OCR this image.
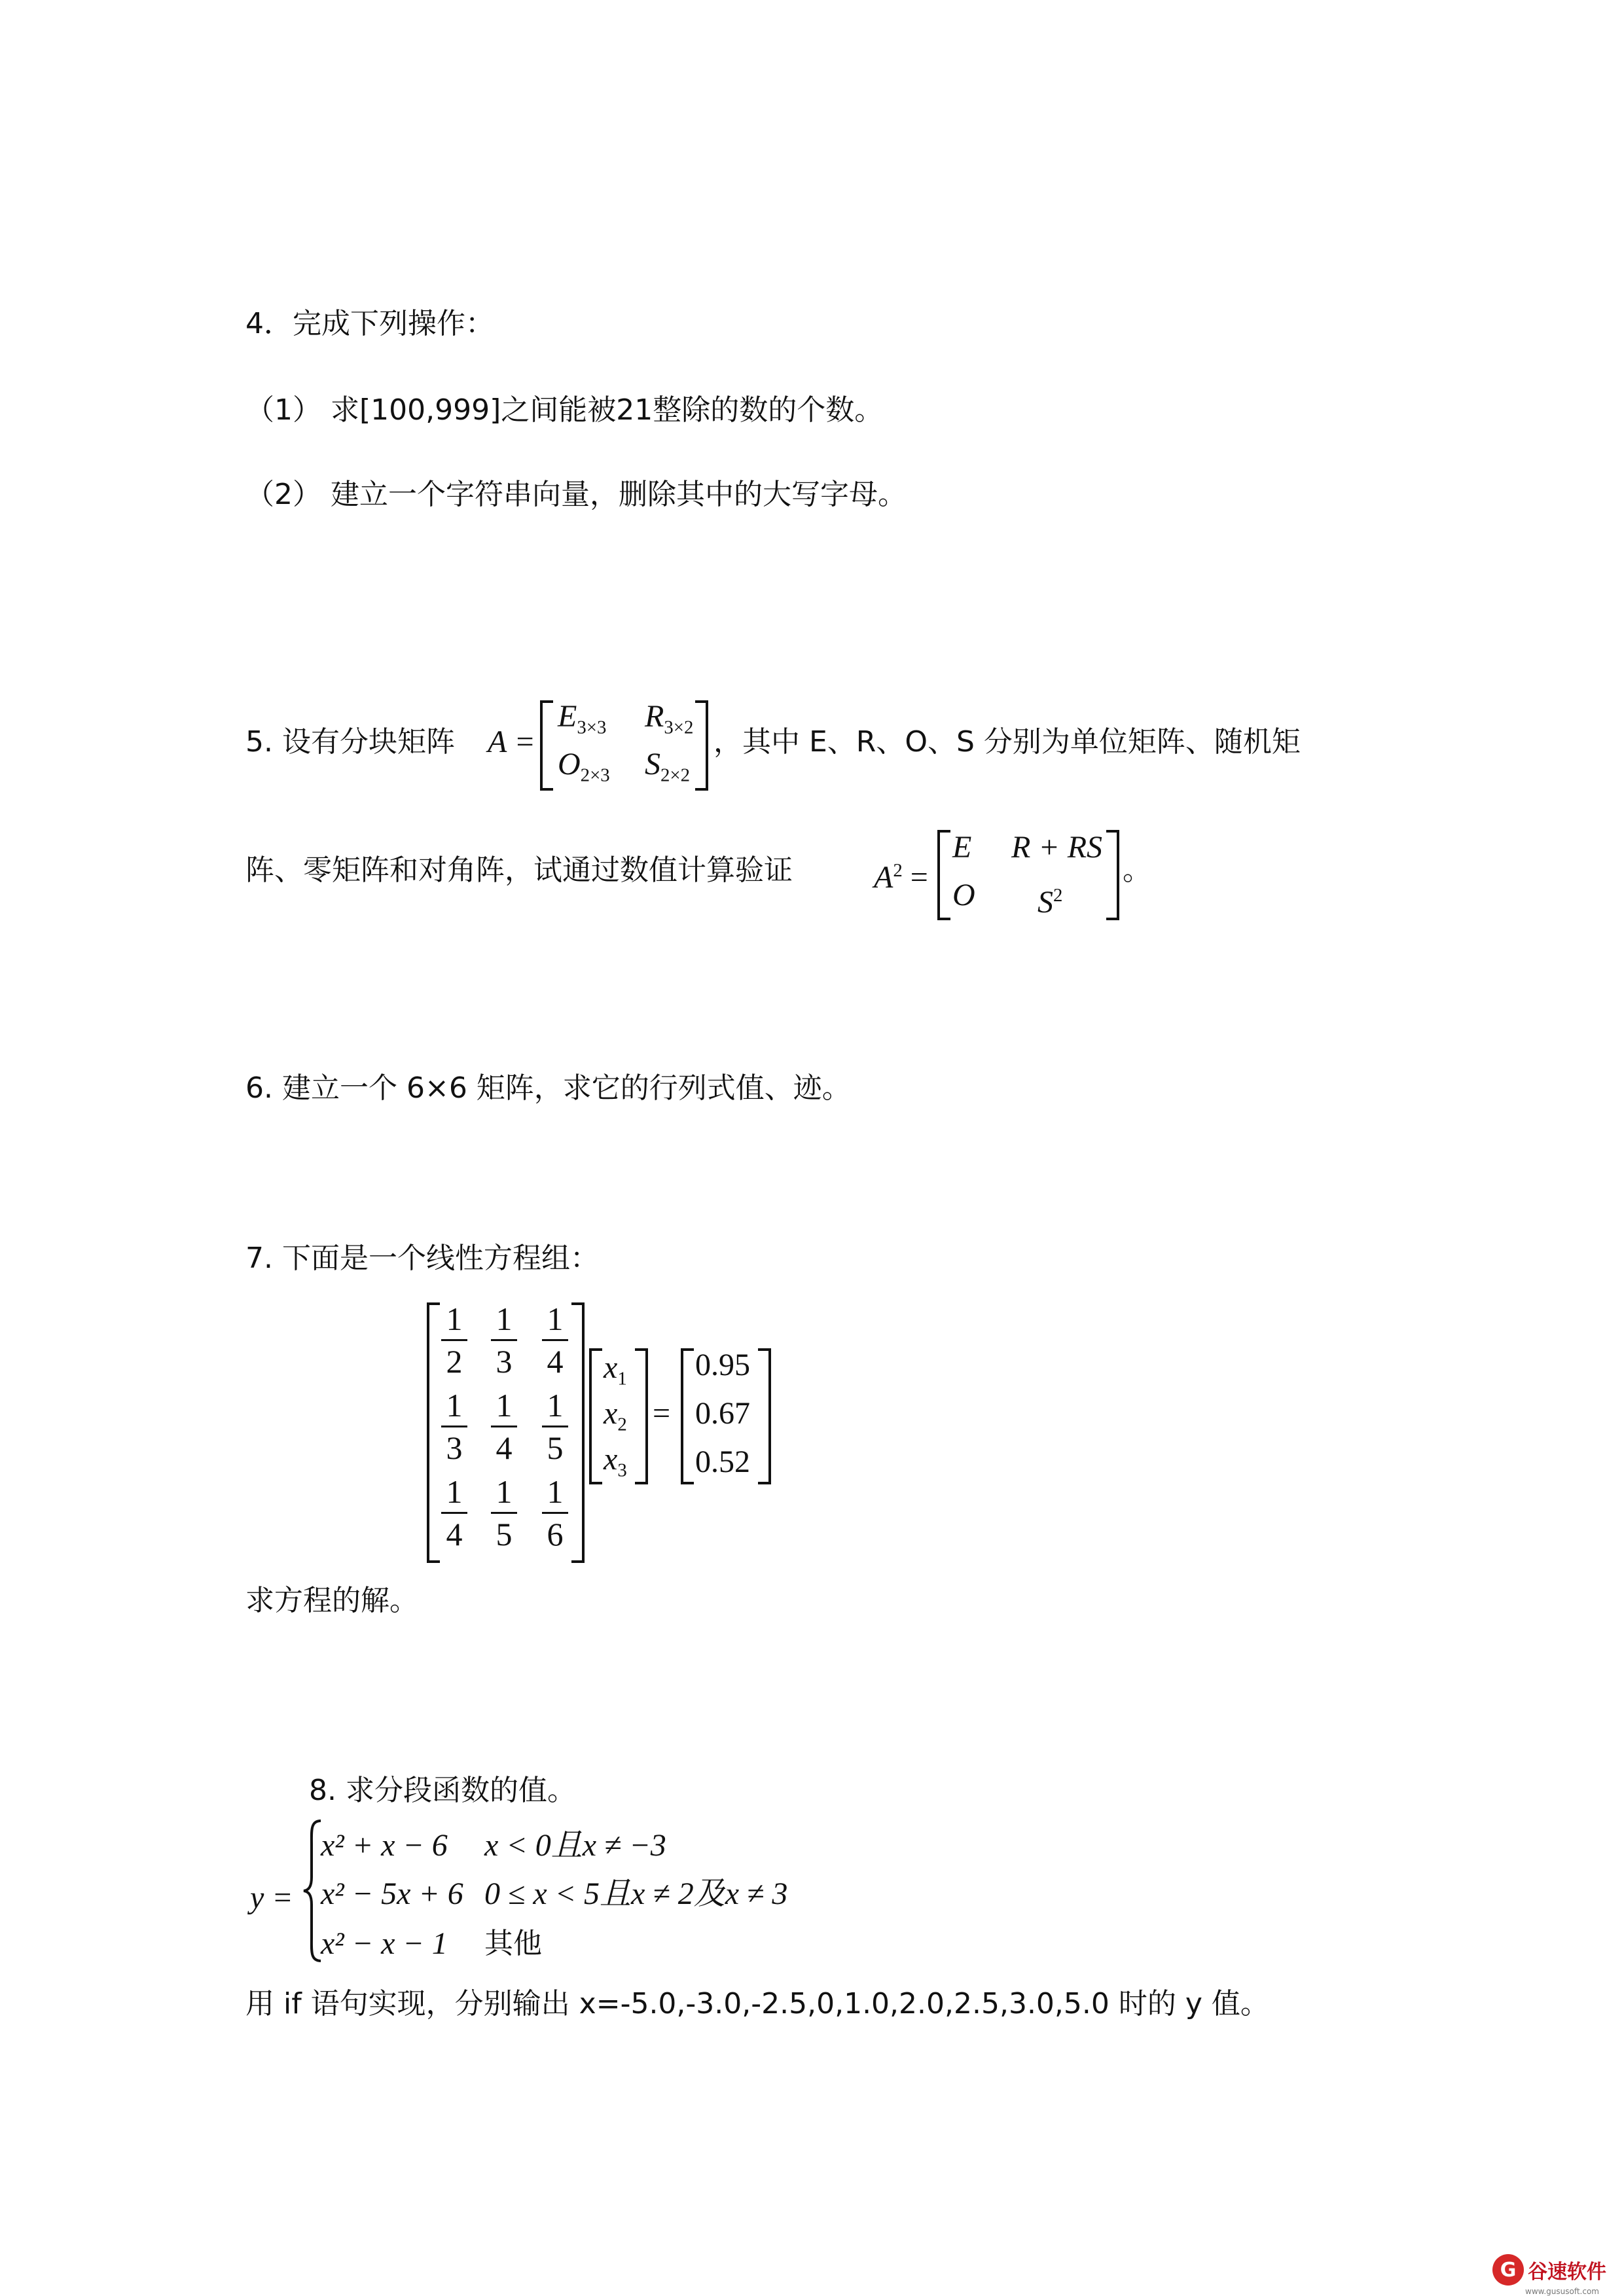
4．完成下列操作：
（1） 求[100,999]之间能被21整除的数的个数。
（2） 建立一个字符串向量，删除其中的大写字母。
5. 设有分块矩阵 A =
$E_{3\times 3}$ $R_{3\times 2}$
$O_{2\times 3}$ $S_{2\times 2}$
，其中 E、R、O、S 分别为单位矩阵、随机矩
阵、零矩阵和对角阵，试通过数值计算验证	$A^2$ =
E R + RS
O $S^2$
。
6. 建立一个 6×6 矩阵，求它的行列式值、迹。
7. 下面是一个线性方程组：
1
2
1
3
1
4
1
3
1
4
1
5
1
4
1
5
1
6
$x_1$
$x_2$
$x_3$
=
0.95
0.67
0.52
求方程的解。
8. 求分段函数的值。
y =
x² + x − 6 x < 0且x ≠ −3
x² − 5x + 6 0 ≤ x < 5且x ≠ 2及x ≠ 3
x² − x − 1 其他
用 if 语句实现，分别输出 x=-5.0,-3.0,-2.5,0,1.0,2.0,2.5,3.0,5.0 时的 y 值。
G 谷速软件
www.gususoft.com
